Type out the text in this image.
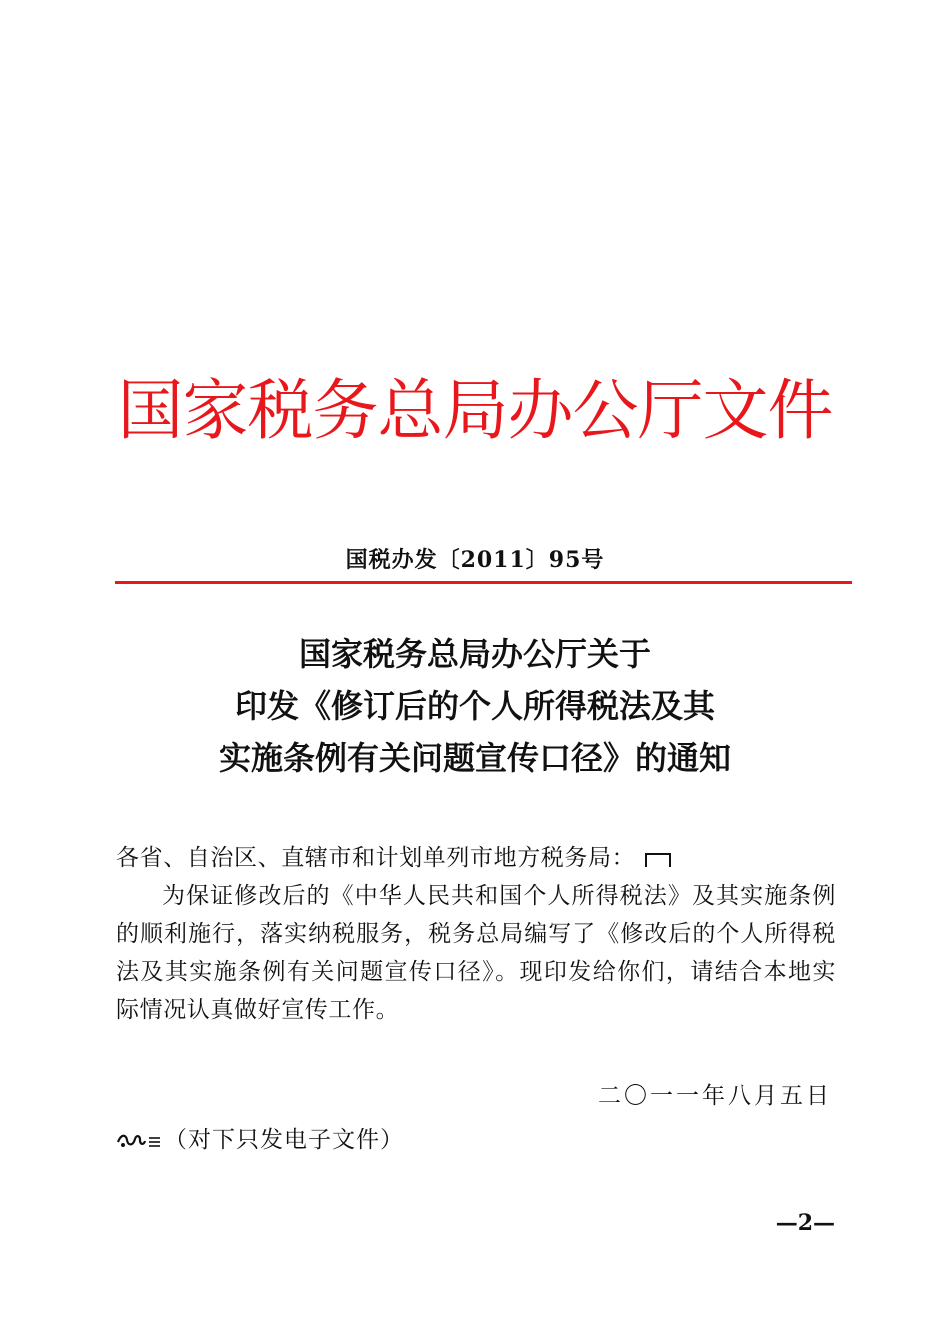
国家税务总局办公厅文件
国税办发〔2011〕95号
国家税务总局办公厅关于
印发《修订后的个人所得税法及其
实施条例有关问题宣传口径》的通知
各省、自治区、直辖市和计划单列市地方税务局：
为保证修改后的《中华人民共和国个人所得税法》及其实施条例的顺利施行，落实纳税服务，税务总局编写了《修改后的个人所得税法及其实施条例有关问题宣传口径》。现印发给你们，请结合本地实际情况认真做好宣传工作。
二〇一一年八月五日
（对下只发电子文件）
—2—
